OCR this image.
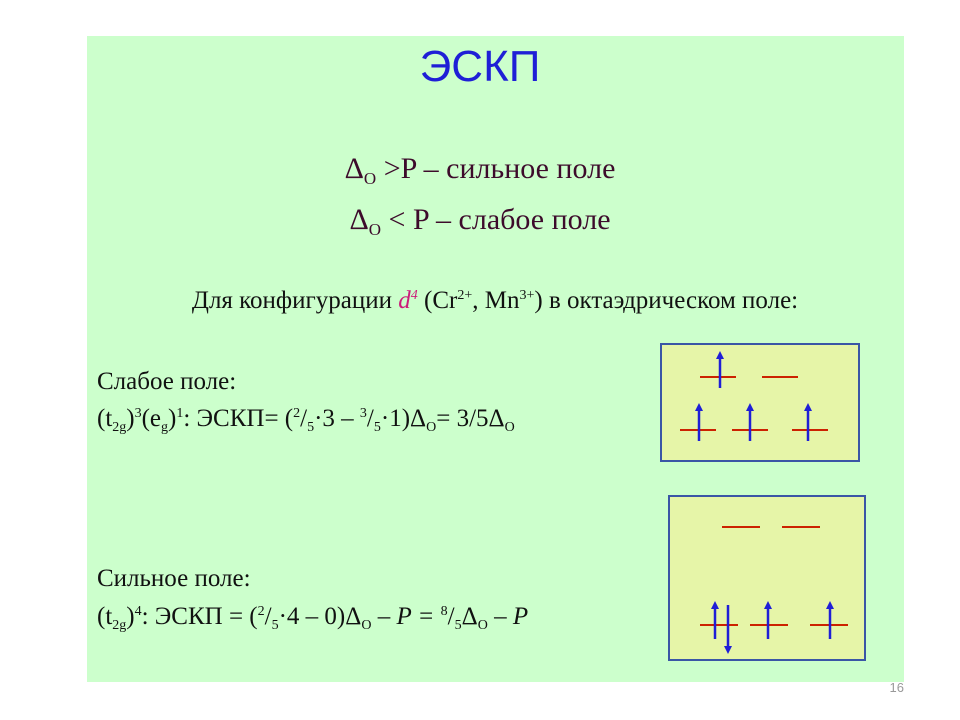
ЭСКП
$\Delta_O >P$ – сильное поле
$\Delta_O < P$ – слабое поле
Для конфигурации $d^4$ ($Cr^{2+}$, $Mn^{3+}$) в октаэдрическом поле:
Слабое поле:
$(t_{2g})^3(e_g)^1$: ЭСКП= $(^2/_5\cdot 3 - ^3/_5\cdot 1)\Delta_O= 3/5\Delta_O$
Сильное поле:
$(t_{2g})^4$: ЭСКП = $(^2/_5\cdot 4 - 0)\Delta_O - P = ^8/_5\Delta_O - P$
16
